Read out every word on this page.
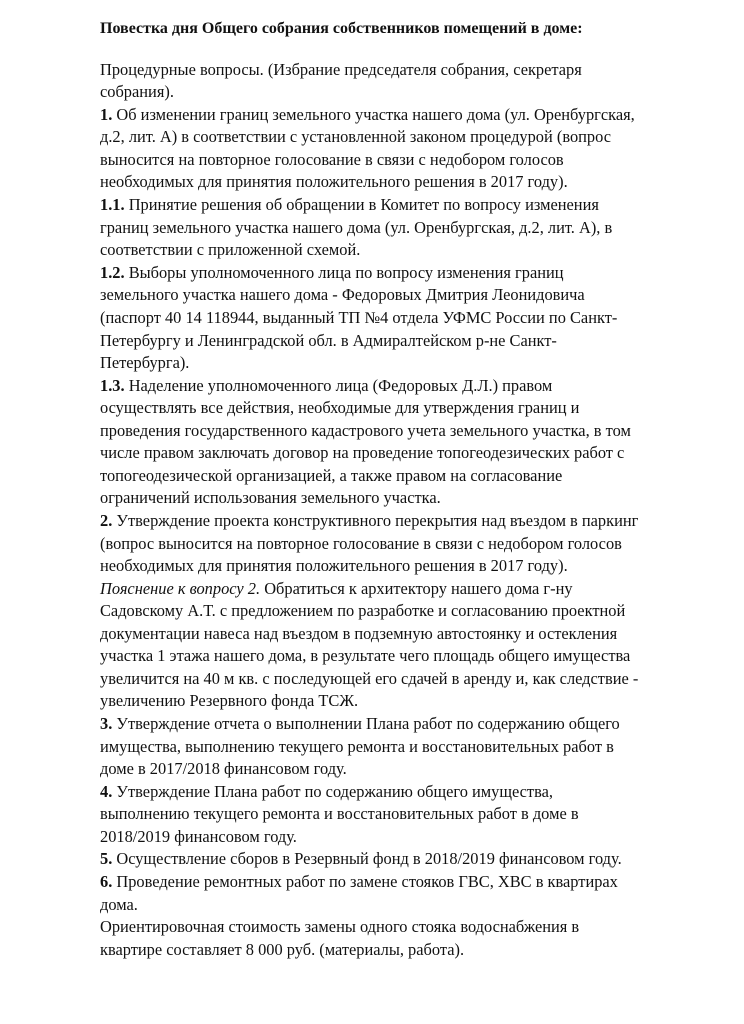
Повестка дня Общего собрания собственников помещений в доме:

Процедурные вопросы. (Избрание председателя собрания, секретаря

собрания).

1. Об изменении границ земельного участка нашего дома (ул. Оренбургская,

д.2, лит. А) в соответствии с установленной законом процедурой (вопрос

выносится на повторное голосование в связи с недобором голосов

необходимых для принятия положительного решения в 2017 году).

1.1. Принятие решения об обращении в Комитет по вопросу изменения

границ земельного участка нашего дома (ул. Оренбургская, д.2, лит. А), в

соответствии с приложенной схемой.

1.2. Выборы уполномоченного лица по вопросу изменения границ

земельного участка нашего дома - Федоровых Дмитрия Леонидовича

(паспорт 40 14 118944, выданный ТП №4 отдела УФМС России по Санкт-

Петербургу и Ленинградской обл. в Адмиралтейском р-не Санкт-

Петербурга).

1.3. Наделение уполномоченного лица (Федоровых Д.Л.) правом

осуществлять все действия, необходимые для утверждения границ и

проведения государственного кадастрового учета земельного участка, в том

числе правом заключать договор на проведение топогеодезических работ с

топогеодезической организацией, а также правом на согласование

ограничений использования земельного участка.

2. Утверждение проекта конструктивного перекрытия над въездом в паркинг

(вопрос выносится на повторное голосование в связи с недобором голосов

необходимых для принятия положительного решения в 2017 году).

Пояснение к вопросу 2. Обратиться к архитектору нашего дома г-ну

Садовскому А.Т. с предложением по разработке и согласованию проектной

документации навеса над въездом в подземную автостоянку и остекления

участка 1 этажа нашего дома, в результате чего площадь общего имущества

увеличится на 40 м кв. с последующей его сдачей в аренду и, как следствие -

увеличению Резервного фонда ТСЖ.

3. Утверждение отчета о выполнении Плана работ по содержанию общего

имущества, выполнению текущего ремонта и восстановительных работ в

доме в 2017/2018 финансовом году.

4. Утверждение Плана работ по содержанию общего имущества,

выполнению текущего ремонта и восстановительных работ в доме в

2018/2019 финансовом году.

5. Осуществление сборов в Резервный фонд в 2018/2019 финансовом году.

6. Проведение ремонтных работ по замене стояков ГВС, ХВС в квартирах

дома.

Ориентировочная стоимость замены одного стояка водоснабжения в

квартире составляет 8 000 руб. (материалы, работа).
